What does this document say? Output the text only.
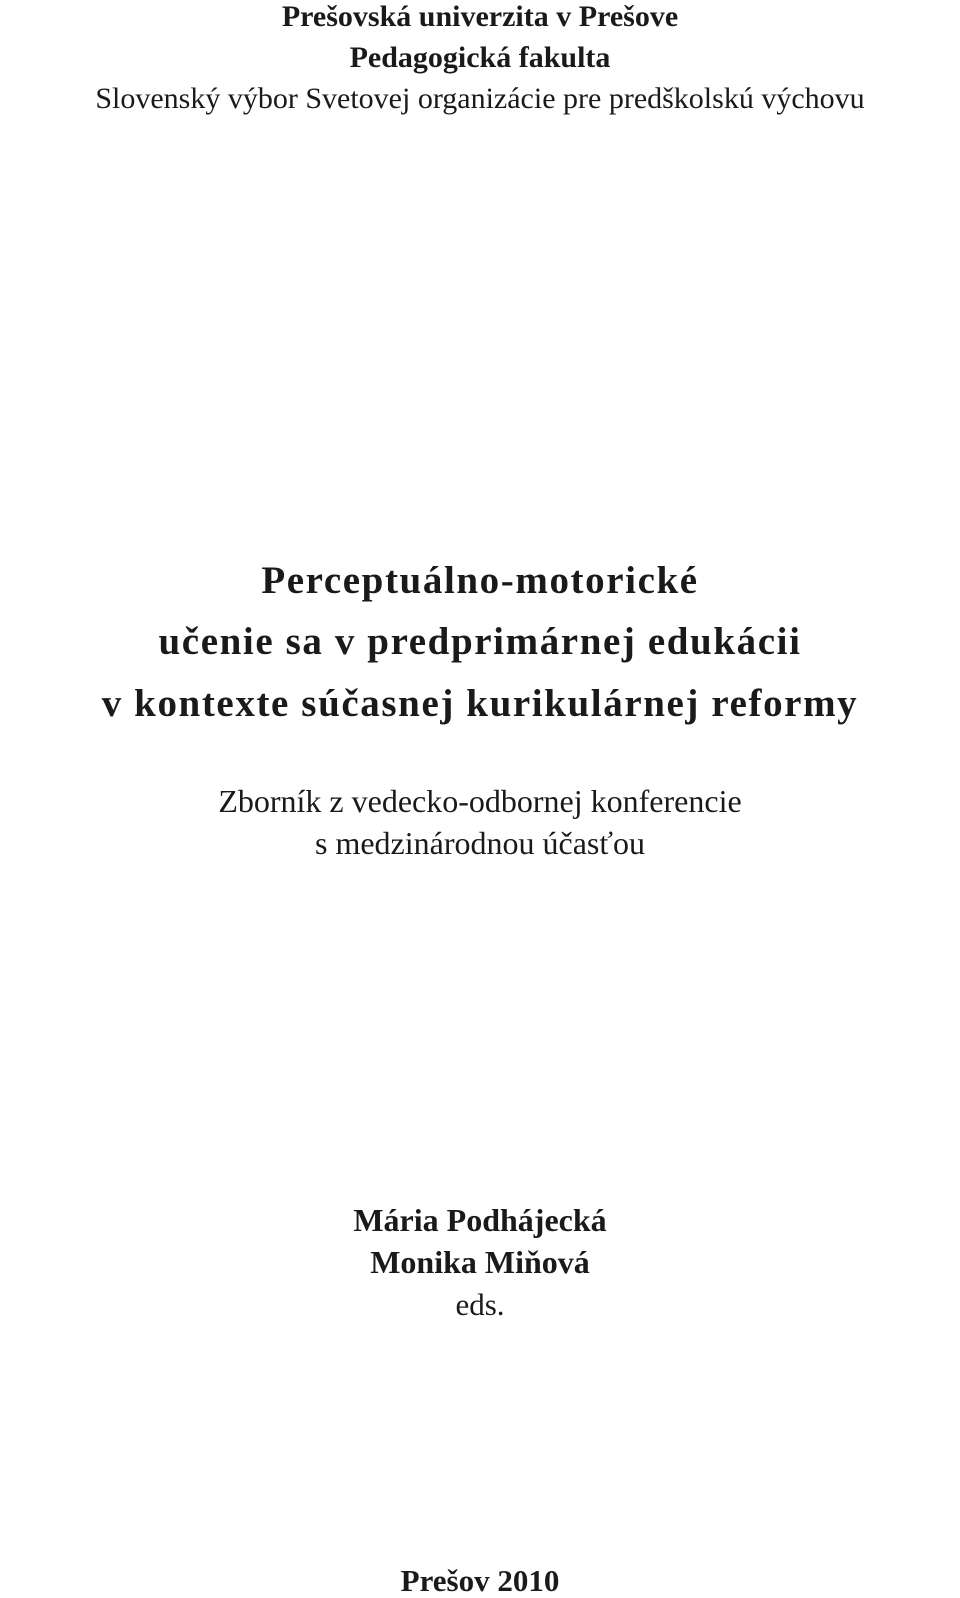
Prešovská univerzita v Prešove
Pedagogická fakulta
Slovenský výbor Svetovej organizácie pre predškolskú výchovu
Perceptuálno-motorické
učenie sa v predprimárnej edukácii
v kontexte súčasnej kurikulárnej reformy
Zborník z vedecko-odbornej konferencie
s medzinárodnou účasťou
Mária Podhájecká
Monika Miňová
eds.
Prešov 2010
